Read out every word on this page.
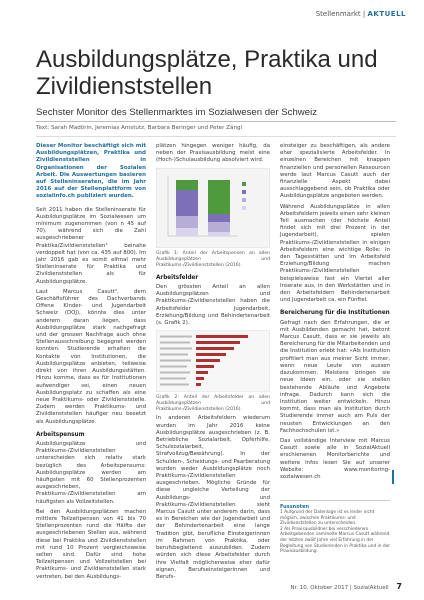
Stellenmarkt | AKTUELL
Ausbildungsplätze, Praktika und Zivildienststellen
Sechster Monitor des Stellenmarktes im Sozialwesen der Schweiz
Text: Sarah Madörin, Jeremias Amstutz, Barbara Beringer und Peter Zängl

Dieser Monitor beschäftigt sich mit Ausbildungsplätzen, Praktika und Zivildienststellen in Organisationen der Sozialen Arbeit. Die Auswertungen basieren auf Stelleninseraten, die im Jahr 2016 auf der Stellenplattform von sozialinfo.ch publiziert wurden.

Seit 2011 haben die Stelleninserate für Ausbildungsplätze im Sozialwesen um minimum zugenommen (von n 45 auf 70), während sich die Zahl ausgeschriebener Praktika/Zivildienststellen¹ beinahe verdoppelt hat (von ca. 435 auf 800). Im Jahr 2016 gab es somit elfmal mehr Stelleninserate für Praktika und Zivildienststellen als für Ausbildungsplätze.

Laut Marcus Casutt², dem Geschäftsführer des Dachverbands Offene Kinder- und Jugendarbeit Schweiz (DOJ), könnte dies unter anderem daran liegen, dass Ausbildungsplätze stark nachgefragt und der grossen Nachfrage auch ohne Stellenausschreibung begegnet werden konnten. Studierende erhalten die Kontakte von Institutionen, die Ausbildungsplätze anbieten, teilweise direkt von ihren Ausbildungsstätten. Hinzu komme, dass es für Institutionen aufwendiger sei, einen neuen Ausbildungsplatz zu schaffen als eine neue Praktikums- oder Zivildienststelle. Zudem werden Praktikums- und Zivildienststellen häufiger neu besetzt als Ausbildungsplätze.

Arbeitspensum

Ausbildungsplätze und Praktikums-/Zivildienststellen unterscheiden sich relativ stark bezüglich des Arbeitspensums: Ausbildungsplätze werden am häufigsten mit 60 Stellenprozenten ausgeschrieben, Praktikums-/Zivildienststellen am häufigsten als Vollzeitstellen.

Bei den Ausbildungsplätzen machen mittlere Teilzeitpensen von 41 bis 70 Stellenprozenten rund die Hälfte der ausgeschriebenen Stellen aus, während diese bei Praktika und Zivildienststellen mit rund 10 Prozent vergleichsweise selten sind. Dafür sind hohe Teilzeitpensen und Vollzeitstellen bei Praktikums- und Zivildienststellen stark vertreten, bei den Ausbildungs-

plätzen hingegen weniger häufig, da neben der Praxisausbildung meist eine (Hoch-)Schulausbildung absolviert wird.

Grafik 1: Anteil der Arbeitspensen an allen Ausbildungsplätzen und Praktikums-/Zivildienststellen (2016)

Arbeitsfelder

Den grössten Anteil an allen Ausbildungsplätzen und Praktikums-/Zivildienststellen haben die Arbeitsfelder Jugendarbeit, Erziehung/Bildung und Behindertenarbeit (s. Grafik 2).

Grafik 2: Anteil der Arbeitsfelder an allen Ausbildungsplätzen und Praktikums-/Zivildienststellen (2016)

In anderen Arbeitsfeldern wiederum wurden im Jahr 2016 keine Ausbildungsplätze ausgeschrieben (z. B. Betriebliche Sozialarbeit, Opferhilfe, Schulsozialarbeit, Strafvollzug/Bewährung). In der Schulden-, Scheidungs- und Paarberatung wurden weder Ausbildungsplätze noch Praktikums-/Zivildienststellen ausgeschrieben. Mögliche Gründe für diese ungleiche Verteilung der Ausbildungs- und Praktikums-/Zivildienststellen sieht Marcus Casutt unter anderem darin, dass es in Bereichen wie der Jugendarbeit und der Behindertenarbeit eine lange Tradition gibt, berufliche Einsteigerinnen im Rahmen von Praktika, oder berufsbegleitend auszubilden. Zudem würden sich diese Arbeitsfelder durch ihre Vielfalt möglicherweise eher dafür eignen, Berufseinsteigerinnen und Berufs-

einsteiger zu beschäftigen, als andere eher spezialisierte Arbeitsfelder. In einzelnen Bereichen mit knappen finanziellen und personellen Ressourcen werde laut Marcus Casutt auch der finanzielle Aspekt dabei ausschlaggebend sein, ob Praktika oder Ausbildungsplätze angeboten werden.

Während Ausbildungsplätze in allen Arbeitsfeldern jeweils einen sehr kleinen Teil ausmachen (der höchste Anteil findet sich mit drei Prozent in der Jugendarbeit), spielen Praktikums-/Zivildienststellen in einigen Arbeitsfeldern eine wichtige Rolle: In den Tagesstätten und im Arbeitsfeld Erziehung/Bildung machen Praktikums-/Zivildienststellen beispielsweise fast ein Viertel aller Inserate aus, in den Werkstätten und in den Arbeitsfeldern Behindertenarbeit und Jugendarbeit ca. ein Fünftel.

Bereicherung für die Institutionen

Gefragt nach den Erfahrungen, die er mit Ausbildenden gemacht hat, betont Marcus Casutt, dass er sie jeweils als Bereicherung für die Mitarbeitenden und die Institution erlebt hat: «Als Institution profitiert man aus meiner Sicht immer, wenn neue Leute von aussen dazukommen. Meistens bringen sie neue Ideen ein, oder sie stellen bestehende Abläufe und Angebote infrage. Dadurch kann sich die Institution weiter entwickeln. Hinzu kommt, dass man als Institution durch Studierende immer auch am Puls der neusten Entwicklungen an den Fachhochschulen ist.»

Das vollständige Interview mit Marcus Casutt sowie alle in SozialAktuell erschienenen Monitorberichte und weitere Infos lesen Sie auf unserer Website: www.monitoring-sozialwesen.ch

Fussnoten
1 Aufgrund der Datenlage ist es leider nicht möglich, zwischen Praktikums- und Zivildienststellen zu unterscheiden.
2 Als Praxisausbildner bei verschiedenen Arbeitgebenden sammelte Marcus Casutt während der letzten zwölf Jahre viel Erfahrung in der Begleitung von Studierenden in Praktika und in der Praxisausbildung.
Nr. 10, Oktober 2017 | SozialAktuell 7
